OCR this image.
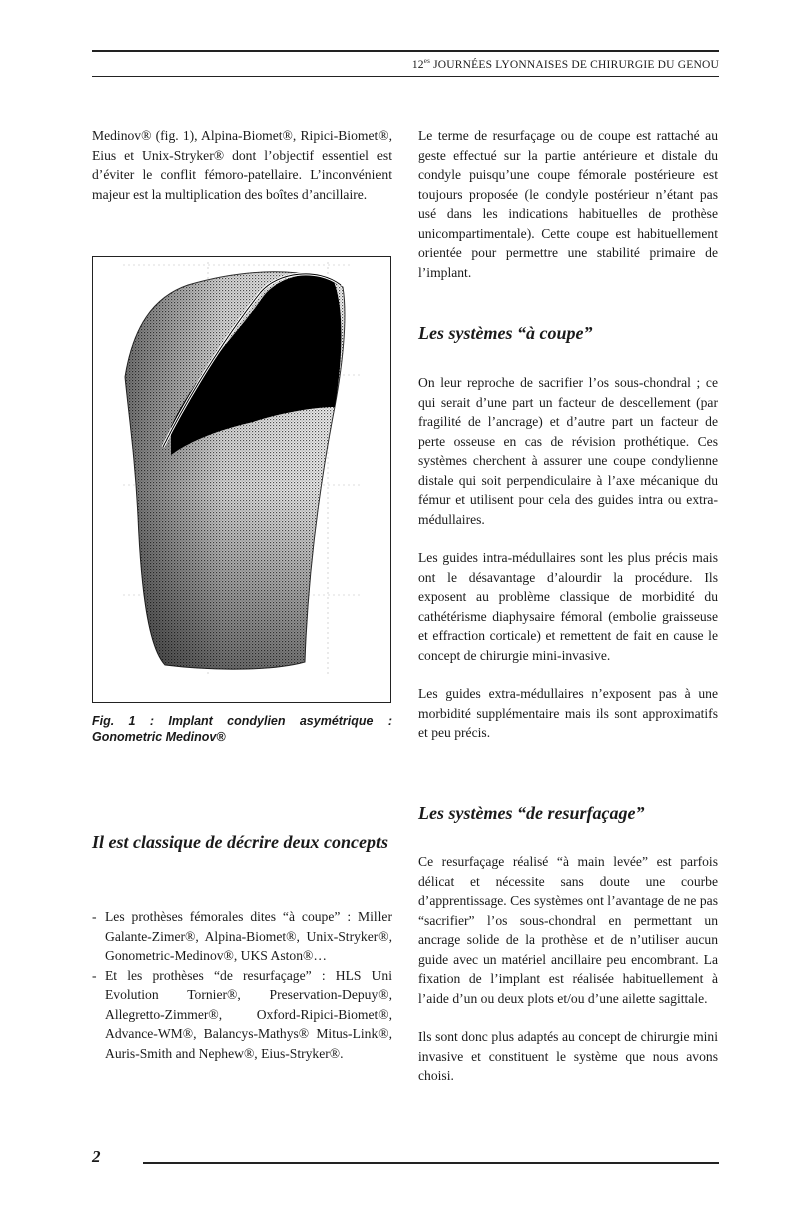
$12^{es}$ JOURNÉES LYONNAISES DE CHIRURGIE DU GENOU

Medinov® (fig. 1), Alpina-Biomet®, Ripici-Biomet®, Eius et Unix-Stryker® dont l’objectif essentiel est d’éviter le conflit fémoro-patellaire. L’inconvénient majeur est la multiplication des boîtes d’ancillaire.

Fig. 1 : Implant condylien asymétrique : Gonometric Medinov®
Il est classique de décrire deux concepts
- Les prothèses fémorales dites “à coupe” : Miller Galante-Zimer®, Alpina-Biomet®, Unix-Stryker®, Gonometric-Medinov®, UKS Aston®…
- Et les prothèses “de resurfaçage” : HLS Uni Evolution Tornier®, Preservation-Depuy®, Allegretto-Zimmer®, Oxford-Ripici-Biomet®, Advance-WM®, Balancys-Mathys® Mitus-Link®, Auris-Smith and Nephew®, Eius-Stryker®.

Le terme de resurfaçage ou de coupe est rattaché au geste effectué sur la partie antérieure et distale du condyle puisqu’une coupe fémorale postérieure est toujours proposée (le condyle postérieur n’étant pas usé dans les indications habituelles de prothèse unicompartimentale). Cette coupe est habituellement orientée pour permettre une stabilité primaire de l’implant.

Les systèmes “à coupe”

On leur reproche de sacrifier l’os sous-chondral ; ce qui serait d’une part un facteur de descellement (par fragilité de l’ancrage) et d’autre part un facteur de perte osseuse en cas de révision prothétique. Ces systèmes cherchent à assurer une coupe condylienne distale qui soit perpendiculaire à l’axe mécanique du fémur et utilisent pour cela des guides intra ou extra-médullaires.

Les guides intra-médullaires sont les plus précis mais ont le désavantage d’alourdir la procédure. Ils exposent au problème classique de morbidité du cathétérisme diaphysaire fémoral (embolie graisseuse et effraction corticale) et remettent de fait en cause le concept de chirurgie mini-invasive.

Les guides extra-médullaires n’exposent pas à une morbidité supplémentaire mais ils sont approximatifs et peu précis.

Les systèmes “de resurfaçage”

Ce resurfaçage réalisé “à main levée” est parfois délicat et nécessite sans doute une courbe d’apprentissage. Ces systèmes ont l’avantage de ne pas “sacrifier” l’os sous-chondral en permettant un ancrage solide de la prothèse et de n’utiliser aucun guide avec un matériel ancillaire peu encombrant. La fixation de l’implant est réalisée habituellement à l’aide d’un ou deux plots et/ou d’une ailette sagittale.

Ils sont donc plus adaptés au concept de chirurgie mini invasive et constituent le système que nous avons choisi.

2
